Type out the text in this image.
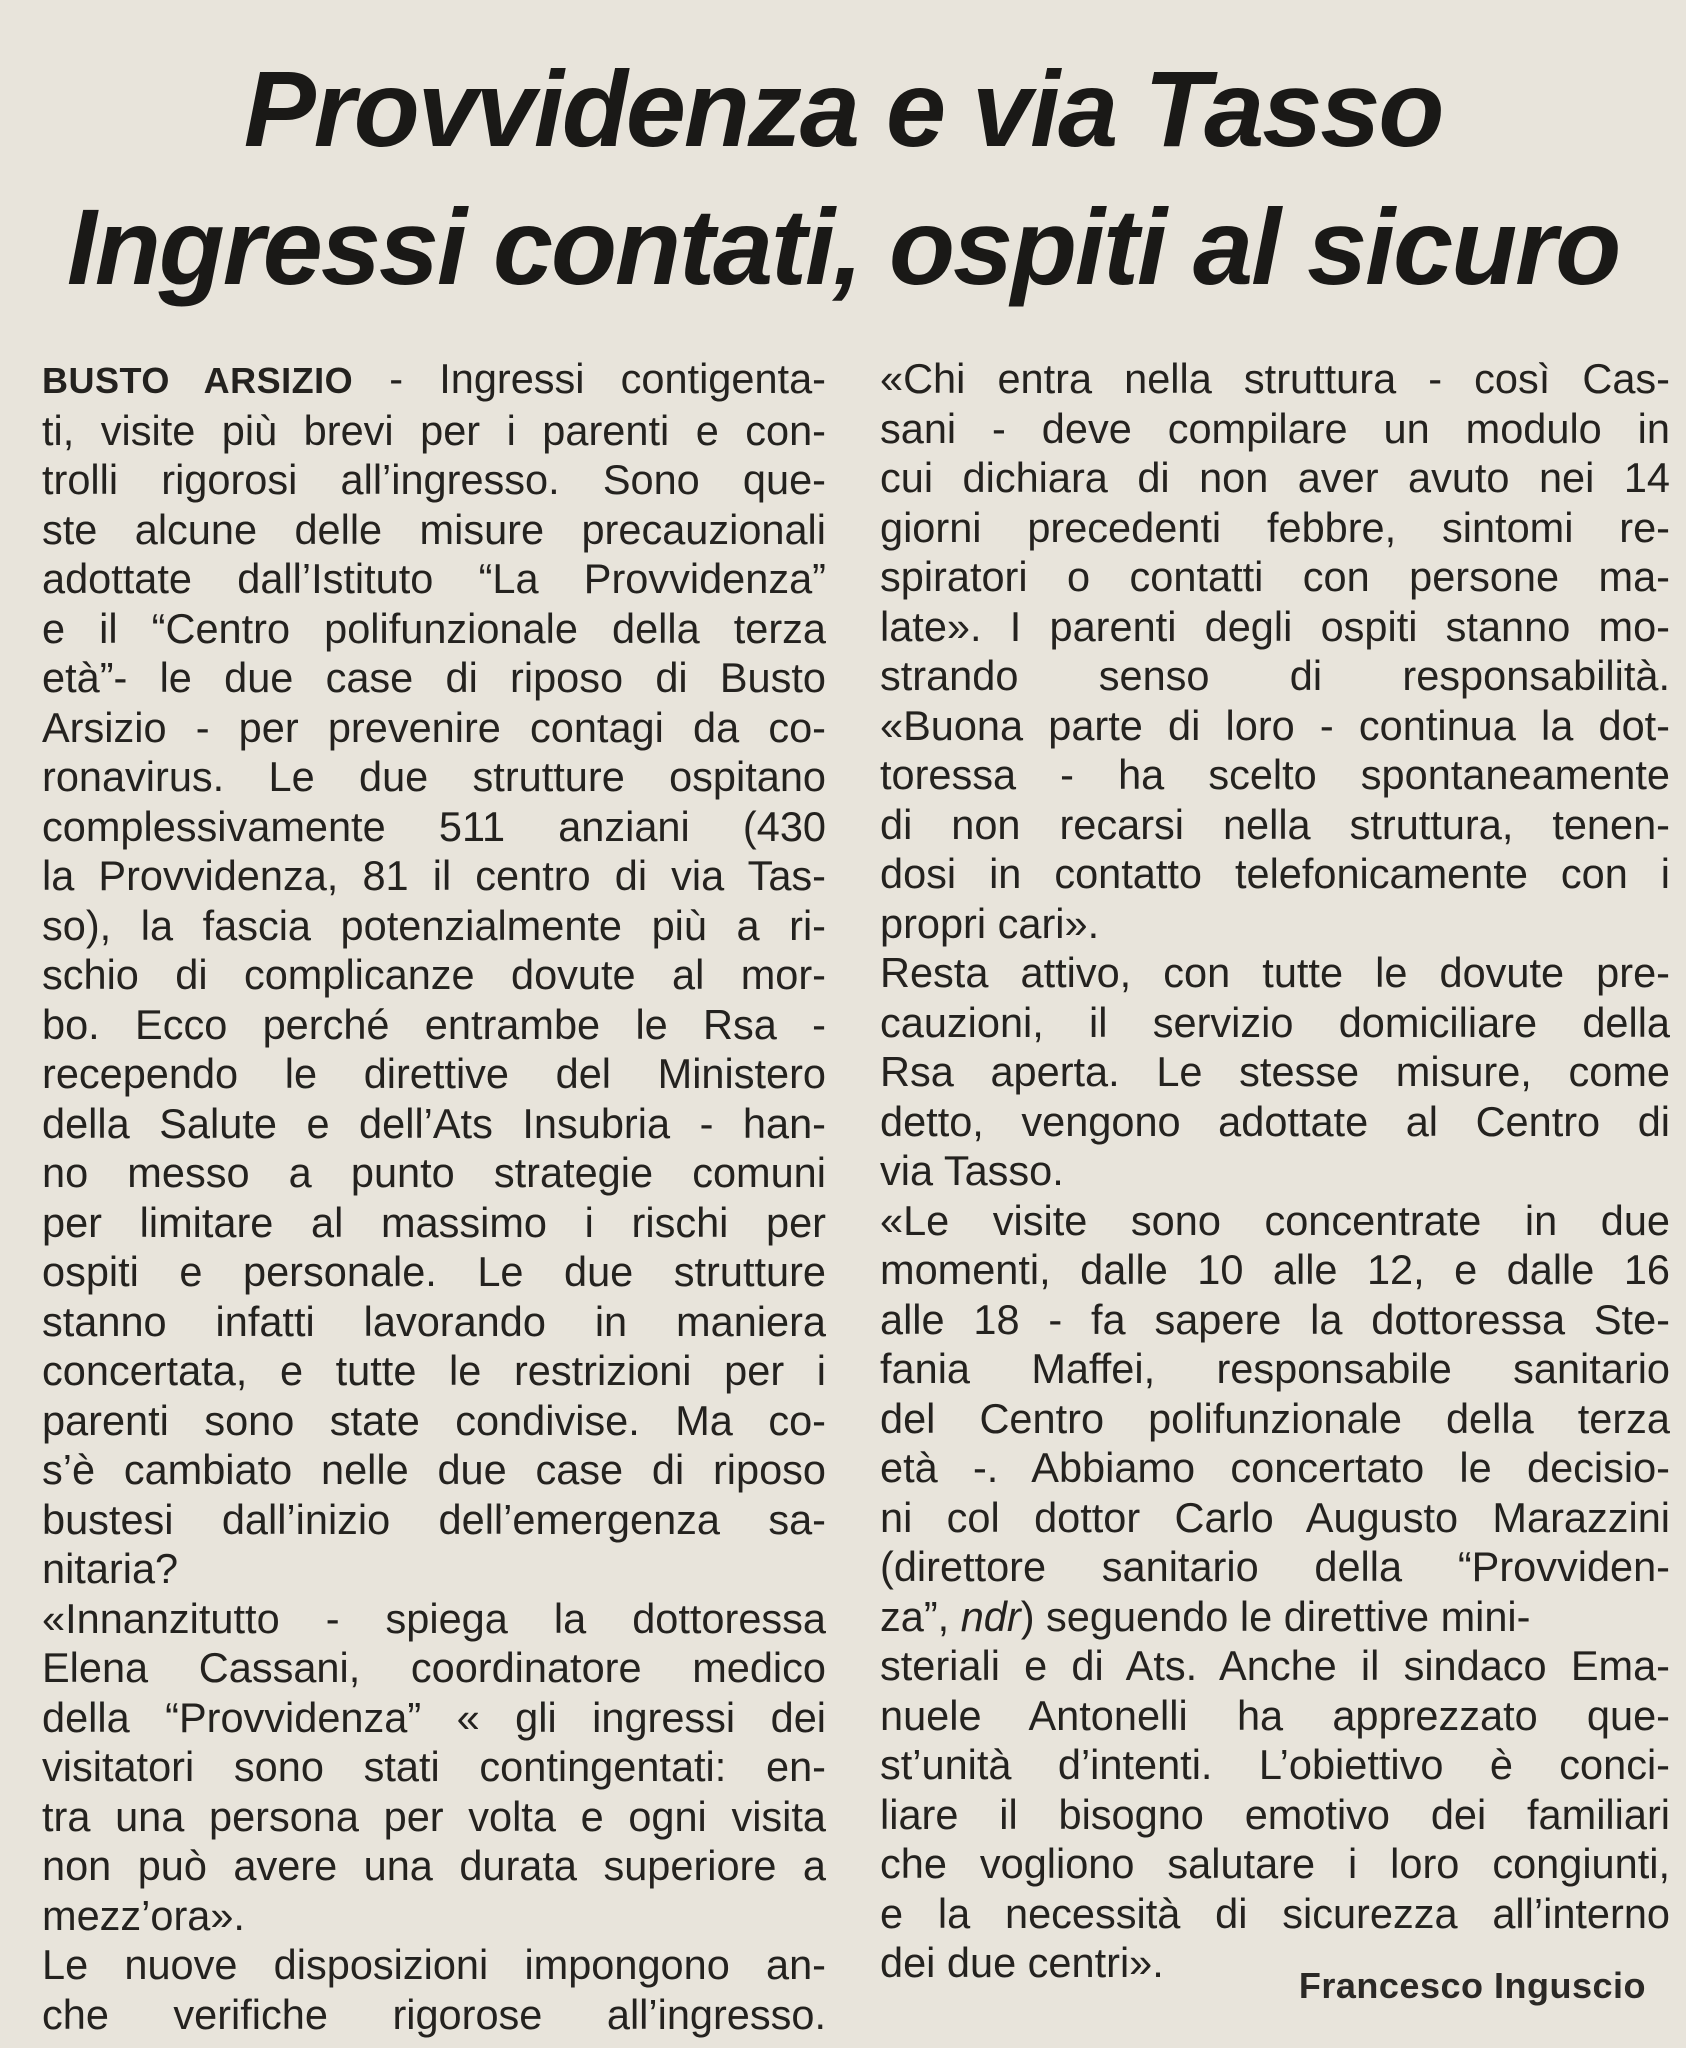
Provvidenza e via Tasso
Ingressi contati, ospiti al sicuro
BUSTO ARSIZIO - Ingressi contigenta-
ti, visite più brevi per i parenti e con-
trolli rigorosi all’ingresso. Sono que-
ste alcune delle misure precauzionali
adottate dall’Istituto “La Provvidenza”
e il “Centro polifunzionale della terza
età”- le due case di riposo di Busto
Arsizio - per prevenire contagi da co-
ronavirus. Le due strutture ospitano
complessivamente 511 anziani (430
la Provvidenza, 81 il centro di via Tas-
so), la fascia potenzialmente più a ri-
schio di complicanze dovute al mor-
bo. Ecco perché entrambe le Rsa -
recependo le direttive del Ministero
della Salute e dell’Ats Insubria - han-
no messo a punto strategie comuni
per limitare al massimo i rischi per
ospiti e personale. Le due strutture
stanno infatti lavorando in maniera
concertata, e tutte le restrizioni per i
parenti sono state condivise. Ma co-
s’è cambiato nelle due case di riposo
bustesi dall’inizio dell’emergenza sa-
nitaria?
«Innanzitutto - spiega la dottoressa
Elena Cassani, coordinatore medico
della “Provvidenza” « gli ingressi dei
visitatori sono stati contingentati: en-
tra una persona per volta e ogni visita
non può avere una durata superiore a
mezz’ora».
Le nuove disposizioni impongono an-
che verifiche rigorose all’ingresso.
«Chi entra nella struttura - così Cas-
sani - deve compilare un modulo in
cui dichiara di non aver avuto nei 14
giorni precedenti febbre, sintomi re-
spiratori o contatti con persone ma-
late». I parenti degli ospiti stanno mo-
strando senso di responsabilità.
«Buona parte di loro - continua la dot-
toressa - ha scelto spontaneamente
di non recarsi nella struttura, tenen-
dosi in contatto telefonicamente con i
propri cari».
Resta attivo, con tutte le dovute pre-
cauzioni, il servizio domiciliare della
Rsa aperta. Le stesse misure, come
detto, vengono adottate al Centro di
via Tasso.
«Le visite sono concentrate in due
momenti, dalle 10 alle 12, e dalle 16
alle 18 - fa sapere la dottoressa Ste-
fania Maffei, responsabile sanitario
del Centro polifunzionale della terza
età -. Abbiamo concertato le decisio-
ni col dottor Carlo Augusto Marazzini
(direttore sanitario della “Provviden-
za”, ndr) seguendo le direttive mini-
steriali e di Ats. Anche il sindaco Ema-
nuele Antonelli ha apprezzato que-
st’unità d’intenti. L’obiettivo è conci-
liare il bisogno emotivo dei familiari
che vogliono salutare i loro congiunti,
e la necessità di sicurezza all’interno
dei due centri».	Francesco Inguscio
